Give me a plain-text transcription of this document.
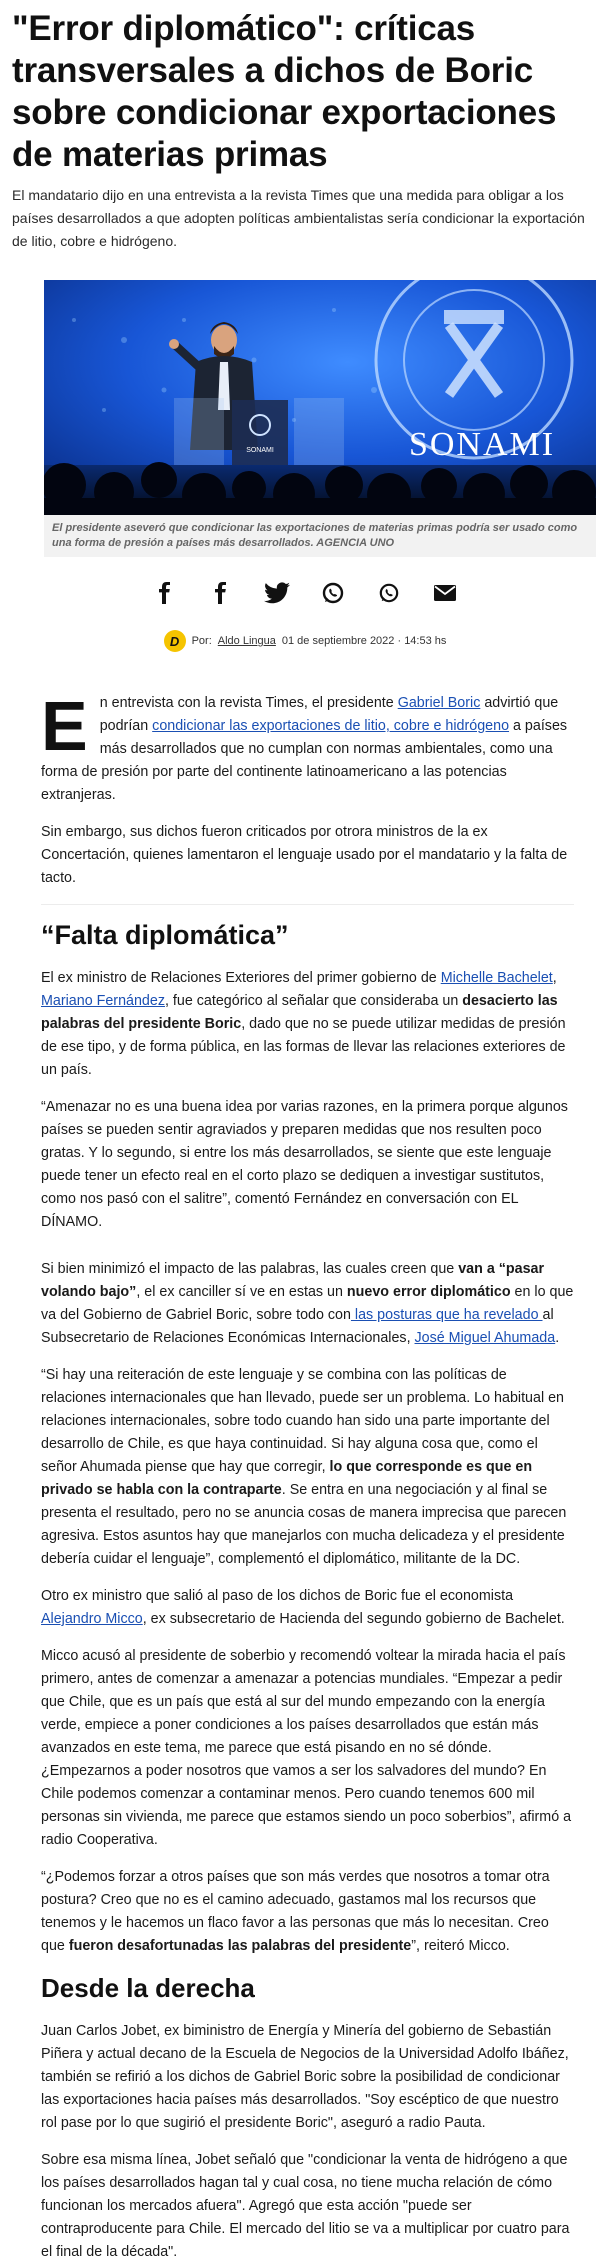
"Error diplomático": críticas transversales a dichos de Boric sobre condicionar exportaciones de materias primas

El mandatario dijo en una entrevista a la revista Times que una medida para obligar a los países desarrollados a que adopten políticas ambientalistas sería condicionar la exportación de litio, cobre e hidrógeno.

SONAMI
SONAMI

El presidente aseveró que condicionar las exportaciones de materias primas podría ser usado como una forma de presión a países más desarrollados. AGENCIA UNO

D	Por: Aldo Lingua 01 de septiembre 2022 · 14:53 hs

En entrevista con la revista Times, el presidente Gabriel Boric advirtió que podrían condicionar las exportaciones de litio, cobre e hidrógeno a países más desarrollados que no cumplan con normas ambientales, como una forma de presión por parte del continente latinoamericano a las potencias extranjeras.

Sin embargo, sus dichos fueron criticados por otrora ministros de la ex Concertación, quienes lamentaron el lenguaje usado por el mandatario y la falta de tacto.

“Falta diplomática”

El ex ministro de Relaciones Exteriores del primer gobierno de Michelle Bachelet, Mariano Fernández, fue categórico al señalar que consideraba un desacierto las palabras del presidente Boric, dado que no se puede utilizar medidas de presión de ese tipo, y de forma pública, en las formas de llevar las relaciones exteriores de un país.

“Amenazar no es una buena idea por varias razones, en la primera porque algunos países se pueden sentir agraviados y preparen medidas que nos resulten poco gratas. Y lo segundo, si entre los más desarrollados, se siente que este lenguaje puede tener un efecto real en el corto plazo se dediquen a investigar sustitutos, como nos pasó con el salitre”, comentó Fernández en conversación con EL DÍNAMO.

Si bien minimizó el impacto de las palabras, las cuales creen que van a “pasar volando bajo”, el ex canciller sí ve en estas un nuevo error diplomático en lo que va del Gobierno de Gabriel Boric, sobre todo con las posturas que ha revelado al Subsecretario de Relaciones Económicas Internacionales, José Miguel Ahumada.

“Si hay una reiteración de este lenguaje y se combina con las políticas de relaciones internacionales que han llevado, puede ser un problema. Lo habitual en relaciones internacionales, sobre todo cuando han sido una parte importante del desarrollo de Chile, es que haya continuidad. Si hay alguna cosa que, como el señor Ahumada piense que hay que corregir, lo que corresponde es que en privado se habla con la contraparte. Se entra en una negociación y al final se presenta el resultado, pero no se anuncia cosas de manera imprecisa que parecen agresiva. Estos asuntos hay que manejarlos con mucha delicadeza y el presidente debería cuidar el lenguaje”, complementó el diplomático, militante de la DC.

Otro ex ministro que salió al paso de los dichos de Boric fue el economista Alejandro Micco, ex subsecretario de Hacienda del segundo gobierno de Bachelet.

Micco acusó al presidente de soberbio y recomendó voltear la mirada hacia el país primero, antes de comenzar a amenazar a potencias mundiales. “Empezar a pedir que Chile, que es un país que está al sur del mundo empezando con la energía verde, empiece a poner condiciones a los países desarrollados que están más avanzados en este tema, me parece que está pisando en no sé dónde. ¿Empezarnos a poder nosotros que vamos a ser los salvadores del mundo? En Chile podemos comenzar a contaminar menos. Pero cuando tenemos 600 mil personas sin vivienda, me parece que estamos siendo un poco soberbios”, afirmó a radio Cooperativa.

“¿Podemos forzar a otros países que son más verdes que nosotros a tomar otra postura? Creo que no es el camino adecuado, gastamos mal los recursos que tenemos y le hacemos un flaco favor a las personas que más lo necesitan. Creo que fueron desafortunadas las palabras del presidente”, reiteró Micco.

Desde la derecha

Juan Carlos Jobet, ex biministro de Energía y Minería del gobierno de Sebastián Piñera y actual decano de la Escuela de Negocios de la Universidad Adolfo Ibáñez, también se refirió a los dichos de Gabriel Boric sobre la posibilidad de condicionar las exportaciones hacia países más desarrollados. "Soy escéptico de que nuestro rol pase por lo que sugirió el presidente Boric", aseguró a radio Pauta.

Sobre esa misma línea, Jobet señaló que "condicionar la venta de hidrógeno a que los países desarrollados hagan tal y cual cosa, no tiene mucha relación de cómo funcionan los mercados afuera". Agregó que esta acción "puede ser contraproducente para Chile. El mercado del litio se va a multiplicar por cuatro para el final de la década".
